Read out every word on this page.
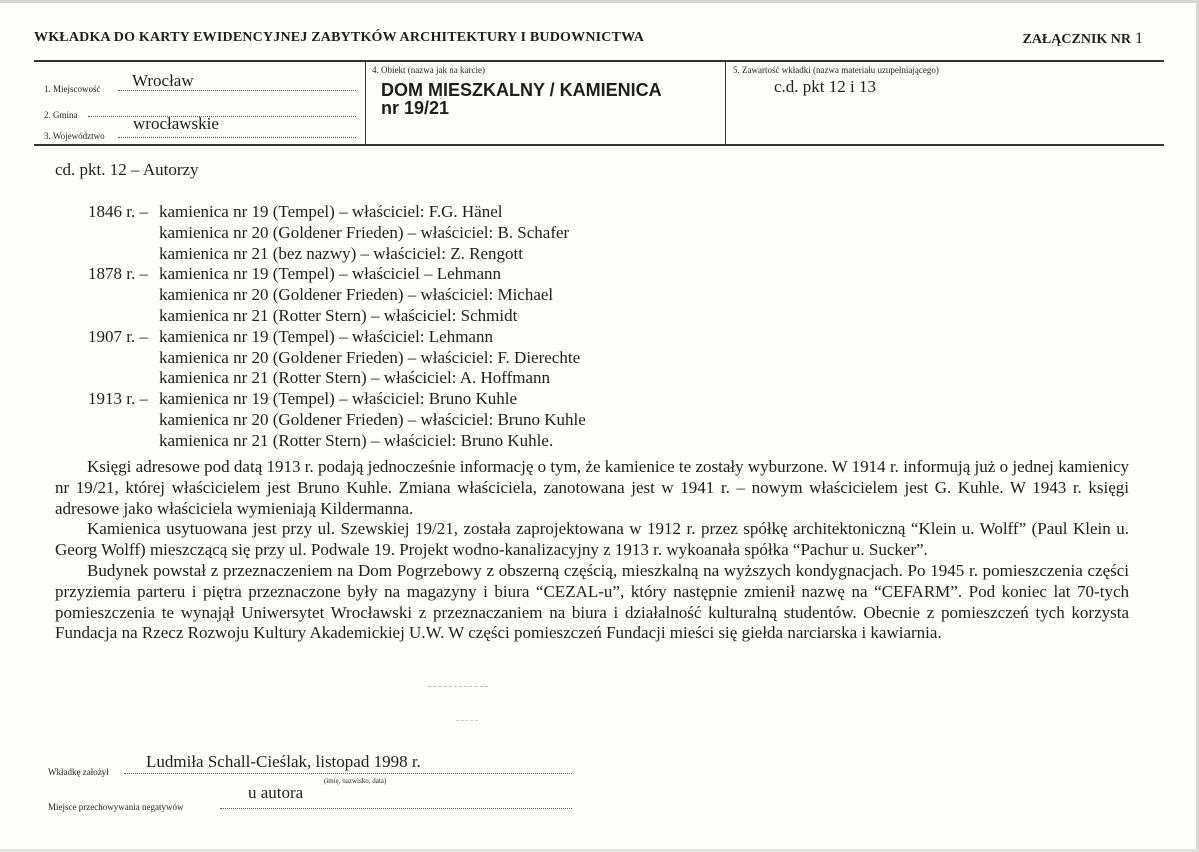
WKŁADKA DO KARTY EWIDENCYJNEJ ZABYTKÓW ARCHITEKTURY I BUDOWNICTWA	ZAŁĄCZNIK NR 1
1. Miejscowość Wrocław
2. Gmina
3. Województwo
wrocławskie
4. Obiekt (nazwa jak na karcie)
DOM MIESZKALNY / KAMIENICA
nr 19/21
5. Zawartość wkładki (nazwa materiału uzupełniającego)
c.d. pkt 12 i 13
cd. pkt. 12 – Autorzy
1846 r. – kamienica nr 19 (Tempel) – właściciel: F.G. Hänel
kamienica nr 20 (Goldener Frieden) – właściciel: B. Schafer
kamienica nr 21 (bez nazwy) – właściciel: Z. Rengott
1878 r. – kamienica nr 19 (Tempel) – właściciel – Lehmann
kamienica nr 20 (Goldener Frieden) – właściciel: Michael
kamienica nr 21 (Rotter Stern) – właściciel: Schmidt
1907 r. – kamienica nr 19 (Tempel) – właściciel: Lehmann
kamienica nr 20 (Goldener Frieden) – właściciel: F. Dierechte
kamienica nr 21 (Rotter Stern) – właściciel: A. Hoffmann
1913 r. – kamienica nr 19 (Tempel) – właściciel: Bruno Kuhle
kamienica nr 20 (Goldener Frieden) – właściciel: Bruno Kuhle
kamienica nr 21 (Rotter Stern) – właściciel: Bruno Kuhle.

Księgi adresowe pod datą 1913 r. podają jednocześnie informację o tym, że kamienice te zostały wyburzone. W 1914 r. informują już o jednej kamienicy nr 19/21, której właścicielem jest Bruno Kuhle. Zmiana właściciela, zanotowana jest w 1941 r. – nowym właścicielem jest G. Kuhle. W 1943 r. księgi adresowe jako właściciela wymieniają Kildermanna.

Kamienica usytuowana jest przy ul. Szewskiej 19/21, została zaprojektowana w 1912 r. przez spółkę architektoniczną “Klein u. Wolff” (Paul Klein u. Georg Wolff) mieszczącą się przy ul. Podwale 19. Projekt wodno-kanalizacyjny z 1913 r. wykoanała spółka “Pachur u. Sucker”.

Budynek powstał z przeznaczeniem na Dom Pogrzebowy z obszerną częścią, mieszkalną na wyższych kondygnacjach. Po 1945 r. pomieszczenia części przyziemia parteru i piętra przeznaczone były na magazyny i biura “CEZAL-u”, który następnie zmienił nazwę na “CEFARM”. Pod koniec lat 70-tych pomieszczenia te wynajął Uniwersytet Wrocławski z przeznaczaniem na biura i działalność kulturalną studentów. Obecnie z pomieszczeń tych korzysta Fundacja na Rzecz Rozwoju Kultury Akademickiej U.W. W części pomieszczeń Fundacji mieści się giełda narciarska i kawiarnia.

Ludmiła Schall-Cieślak, listopad 1998 r.
Wkładkę założył
(imię, nazwisko, data)
u autora
Miejsce przechowywania negatywów
